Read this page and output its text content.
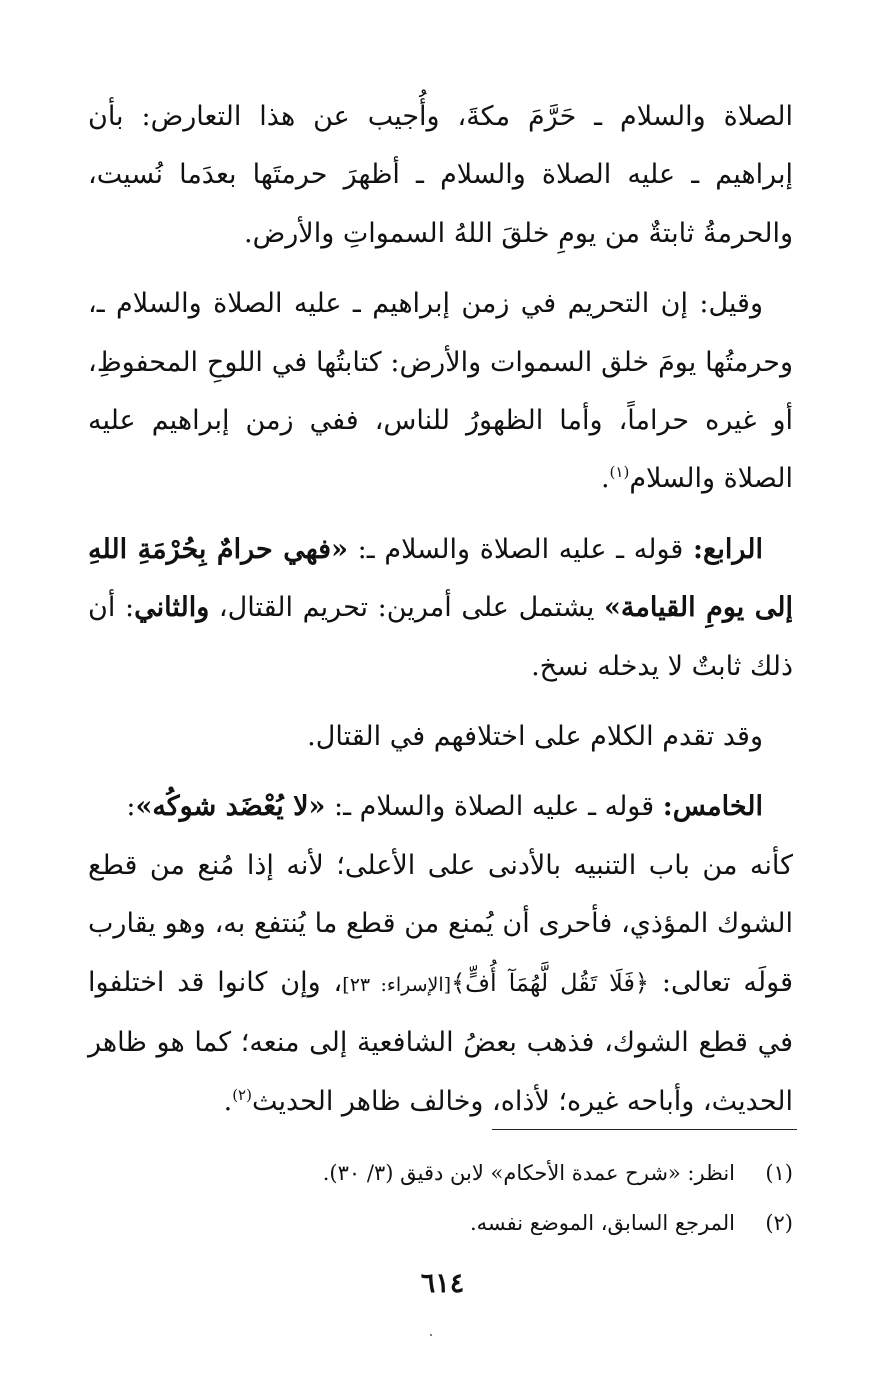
الصلاة والسلام ـ حَرَّمَ مكةَ، وأُجيب عن هذا التعارض: بأن إبراهيم ـ عليه الصلاة والسلام ـ أظهرَ حرمتَها بعدَما نُسيت، والحرمةُ ثابتةٌ من يومِ خلقَ اللهُ السمواتِ والأرض.

وقيل: إن التحريم في زمن إبراهيم ـ عليه الصلاة والسلام ـ، وحرمتُها يومَ خلق السموات والأرض: كتابتُها في اللوحِ المحفوظِ، أو غيره حراماً، وأما الظهورُ للناس، ففي زمن إبراهيم عليه الصلاة والسلام$^{(١)}$.

الرابع: قوله ـ عليه الصلاة والسلام ـ: «فهي حرامٌ بِحُرْمَةِ اللهِ إلى يومِ القيامة» يشتمل على أمرين: تحريم القتال، والثاني: أن ذلك ثابتٌ لا يدخله نسخ.

وقد تقدم الكلام على اختلافهم في القتال.

الخامس: قوله ـ عليه الصلاة والسلام ـ: «لا يُعْضَد شوكُه»:

كأنه من باب التنبيه بالأدنى على الأعلى؛ لأنه إذا مُنع من قطع الشوك المؤذي، فأحرى أن يُمنع من قطع ما يُنتفع به، وهو يقارب قولَه تعالى: ﴿فَلَا تَقُل لَّهُمَآ أُفٍّ﴾[الإسراء: ٢٣]، وإن كانوا قد اختلفوا في قطع الشوك، فذهب بعضُ الشافعية إلى منعه؛ كما هو ظاهر الحديث، وأباحه غيره؛ لأذاه، وخالف ظاهر الحديث$^{(٢)}$.

(١)انظر: «شرح عمدة الأحكام» لابن دقيق (٣/ ٣٠).

(٢)المرجع السابق، الموضع نفسه.

٦١٤
